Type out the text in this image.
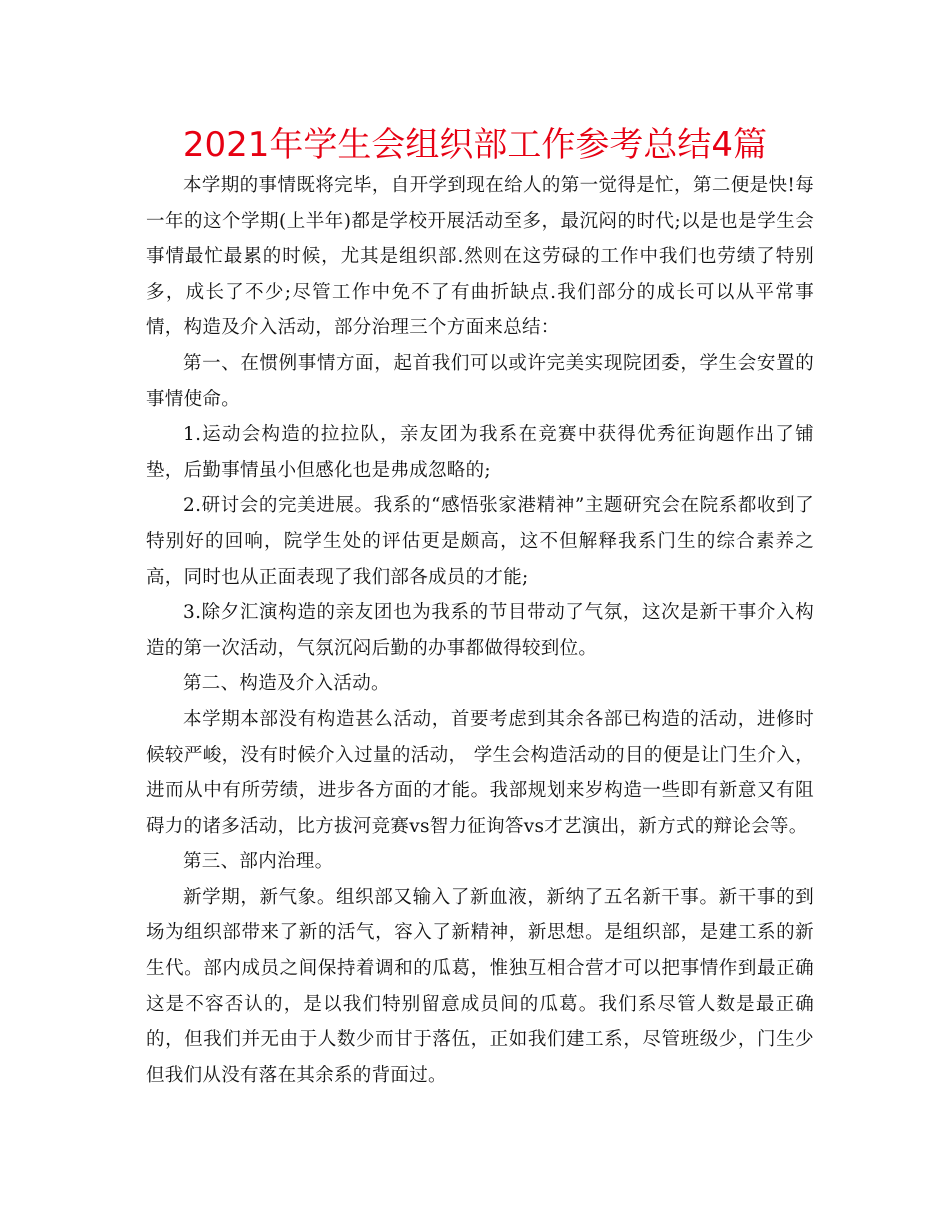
2021年学生会组织部工作参考总结4篇

本学期的事情既将完毕，自开学到现在给人的第一觉得是忙，第二便是快!每一年的这个学期(上半年)都是学校开展活动至多，最沉闷的时代;以是也是学生会事情最忙最累的时候，尤其是组织部.然则在这劳碌的工作中我们也劳绩了特别多，成长了不少;尽管工作中免不了有曲折缺点.我们部分的成长可以从平常事情，构造及介入活动，部分治理三个方面来总结：

第一、在惯例事情方面，起首我们可以或许完美实现院团委，学生会安置的事情使命。

1.运动会构造的拉拉队，亲友团为我系在竞赛中获得优秀征询题作出了铺垫，后勤事情虽小但感化也是弗成忽略的;

2.研讨会的完美进展。我系的“感悟张家港精神”主题研究会在院系都收到了特别好的回响，院学生处的评估更是颇高，这不但解释我系门生的综合素养之高，同时也从正面表现了我们部各成员的才能;

3.除夕汇演构造的亲友团也为我系的节目带动了气氛，这次是新干事介入构造的第一次活动，气氛沉闷后勤的办事都做得较到位。

第二、构造及介入活动。

本学期本部没有构造甚么活动，首要考虑到其余各部已构造的活动，进修时候较严峻，没有时候介入过量的活动， 学生会构造活动的目的便是让门生介入，进而从中有所劳绩，进步各方面的才能。我部规划来岁构造一些即有新意又有阻碍力的诸多活动，比方拔河竞赛vs智力征询答vs才艺演出，新方式的辩论会等。

第三、部内治理。

新学期，新气象。组织部又输入了新血液，新纳了五名新干事。新干事的到场为组织部带来了新的活气，容入了新精神，新思想。是组织部，是建工系的新生代。部内成员之间保持着调和的瓜葛，惟独互相合营才可以把事情作到最正确这是不容否认的，是以我们特别留意成员间的瓜葛。我们系尽管人数是最正确的，但我们并无由于人数少而甘于落伍，正如我们建工系，尽管班级少，门生少但我们从没有落在其余系的背面过。
